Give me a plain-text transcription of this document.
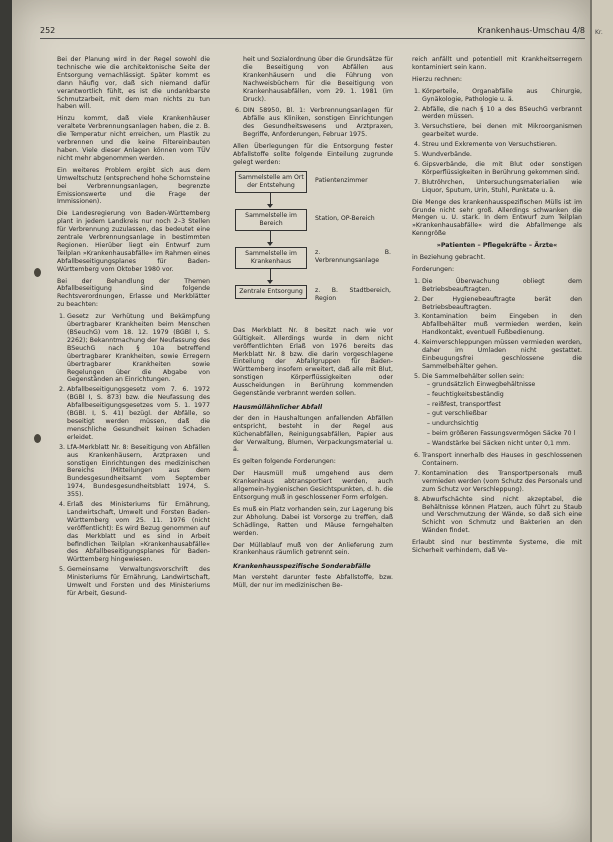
Kr.
252	Krankenhaus-Umschau 4/8

Bei der Planung wird in der Regel sowohl die technische wie die architektonische Seite der Entsorgung vernachlässigt. Später kommt es dann häufig vor, daß sich niemand dafür verantwortlich fühlt, es ist die undankbarste Schmutzarbeit, mit dem man nichts zu tun haben will.

Hinzu kommt, daß viele Krankenhäuser veraltete Verbrennungsanlagen haben, die z. B. die Temperatur nicht erreichen, um Plastik zu verbrennen und die keine Filtereinbauten haben. Viele dieser Anlagen können vom TÜV nicht mehr abgenommen werden.

Ein weiteres Problem ergibt sich aus dem Umweltschutz (entsprechend hohe Schornsteine bei Verbrennungsanlagen, begrenzte Emissionswerte und die Frage der Immissionen).

Die Landesregierung von Baden-Württemberg plant in jedem Landkreis nur noch 2–3 Stellen für Verbrennung zuzulassen, das bedeutet eine zentrale Verbrennungsanlage in bestimmten Regionen. Hierüber liegt ein Entwurf zum Teilplan »Krankenhausabfälle« im Rahmen eines Abfallbeseitigungsplanes für Baden-Württemberg vom Oktober 1980 vor.

Bei der Behandlung der Themen Abfallbeseitigung sind folgende Rechtsverordnungen, Erlasse und Merkblätter zu beachten:

1. Gesetz zur Verhütung und Bekämpfung übertragbarer Krankheiten beim Menschen (BSeuchG) vom 18. 12. 1979 (BGBl I, S. 2262); Bekanntmachung der Neufassung des BSeuchG nach § 10a betreffend übertragbarer Krankheiten, sowie Erregern übertragbarer Krankheiten sowie Regelungen über die Abgabe von Gegenständen an Einrichtungen.
2. Abfallbeseitigungsgesetz vom 7. 6. 1972 (BGBl I, S. 873) bzw. die Neufassung des Abfallbeseitigungsgesetzes vom 5. 1. 1977 (BGBl. I, S. 41) bezügl. der Abfälle, so beseitigt werden müssen, daß die menschliche Gesundheit keinen Schaden erleidet.
3. LfA-Merkblatt Nr. 8: Beseitigung von Abfällen aus Krankenhäusern, Arztpraxen und sonstigen Einrichtungen des medizinischen Bereichs (Mitteilungen aus dem Bundesgesundheitsamt vom September 1974, Bundesgesundheitsblatt 1974, S. 355).
4. Erlaß des Ministeriums für Ernährung, Landwirtschaft, Umwelt und Forsten Baden-Württemberg vom 25. 11. 1976 (nicht veröffentlicht): Es wird Bezug genommen auf das Merkblatt und es sind in Arbeit befindlichen Teilplan »Krankenhausabfälle« des Abfallbeseitigungsplanes für Baden-Württemberg hingewiesen.
5. Gemeinsame Verwaltungsvorschrift des Ministeriums für Ernährung, Landwirtschaft, Umwelt und Forsten und des Ministeriums für Arbeit, Gesund-

heit und Sozialordnung über die Grundsätze für die Beseitigung von Abfällen aus Krankenhäusern und die Führung von Nachweisbüchern für die Beseitigung von Krankenhausabfällen, vom 29. 1. 1981 (im Druck).

6. DIN 58950, Bl. 1: Verbrennungsanlagen für Abfälle aus Kliniken, sonstigen Einrichtungen des Gesundheitswesens und Arztpraxen, Begriffe, Anforderungen, Februar 1975.

Allen Überlegungen für die Entsorgung fester Abfallstoffe sollte folgende Einteilung zugrunde gelegt werden:

Sammelstelle am Ort der Entstehung
Patientenzimmer
Sammelstelle im Bereich
Station, OP-Bereich
Sammelstelle im Krankenhaus
z. B. Verbrennungsanlage
Zentrale Entsorgung	z. B. Stadtbereich, Region

Das Merkblatt Nr. 8 besitzt nach wie vor Gültigkeit. Allerdings wurde in dem nicht veröffentlichten Erlaß von 1976 bereits das Merkblatt Nr. 8 bzw. die darin vorgeschlagene Einteilung der Abfallgruppen für Baden-Württemberg insofern erweitert, daß alle mit Blut, sonstigen Körperflüssigkeiten oder Ausscheidungen in Berührung kommenden Gegenstände verbrannt werden sollen.

Hausmüllähnlicher Abfall

der den in Haushaltungen anfallenden Abfällen entspricht, besteht in der Regel aus Küchenabfällen, Reinigungsabfällen, Papier aus der Verwaltung, Blumen, Verpackungsmaterial u. ä.

Es gelten folgende Forderungen:

Der Hausmüll muß umgehend aus dem Krankenhaus abtransportiert werden, auch allgemein-hygienischen Gesichtspunkten, d. h. die Entsorgung muß in geschlossener Form erfolgen.

Es muß ein Platz vorhanden sein, zur Lagerung bis zur Abholung. Dabei ist Vorsorge zu treffen, daß Schädlinge, Ratten und Mäuse ferngehalten werden.

Der Müllablauf muß von der Anlieferung zum Krankenhaus räumlich getrennt sein.

Krankenhausspezifische Sonderabfälle

Man versteht darunter feste Abfallstoffe, bzw. Müll, der nur im medizinischen Be-

reich anfällt und potentiell mit Krankheitserregern kontaminiert sein kann.

Hierzu rechnen:

1. Körperteile, Organabfälle aus Chirurgie, Gynäkologie, Pathologie u. ä.
2. Abfälle, die nach § 10 a des BSeuchG verbrannt werden müssen.
3. Versuchstiere, bei denen mit Mikroorganismen gearbeitet wurde.
4. Streu und Exkremente von Versuchstieren.
5. Wundverbände.
6. Gipsverbände, die mit Blut oder sonstigen Körperflüssigkeiten in Berührung gekommen sind.
7. Blutröhrchen, Untersuchungsmaterialien wie Liquor, Sputum, Urin, Stuhl, Punktate u. ä.

Die Menge des krankenhausspezifischen Mülls ist im Grunde nicht sehr groß. Allerdings schwanken die Mengen u. U. stark. In dem Entwurf zum Teilplan »Krankenhausabfälle« wird die Abfallmenge als Kenngröße

»Patienten – Pflegekräfte – Ärzte«

in Beziehung gebracht.

Forderungen:

1. Die Überwachung obliegt dem Betriebsbeauftragten.
2. Der Hygienebeauftragte berät den Betriebsbeauftragten.
3. Kontamination beim Eingeben in den Abfallbehälter muß vermieden werden, kein Handkontakt, eventuell Fußbedienung.
4. Keimverschleppungen müssen vermieden werden, daher im Umladen nicht gestattet. Einbeugungsfrei geschlossene die Sammelbehälter gehen.
5. Die Sammelbehälter sollen sein:
– grundsätzlich Einwegbehältnisse
– feuchtigkeitsbeständig
– reißfest, transportfest
– gut verschließbar
– undurchsichtig
– beim größeren Fassungsvermögen Säcke 70 l
– Wandstärke bei Säcken nicht unter 0,1 mm.
6. Transport innerhalb des Hauses in geschlossenen Containern.
7. Kontamination des Transportpersonals muß vermieden werden (vom Schutz des Personals und zum Schutz vor Verschleppung).
8. Abwurfschächte sind nicht akzeptabel, die Behältnisse können Platzen, auch führt zu Staub und Verschmutzung der Wände, so daß sich eine Schicht von Schmutz und Bakterien an den Wänden findet.

Erlaubt sind nur bestimmte Systeme, die mit Sicherheit verhindern, daß Ve-
